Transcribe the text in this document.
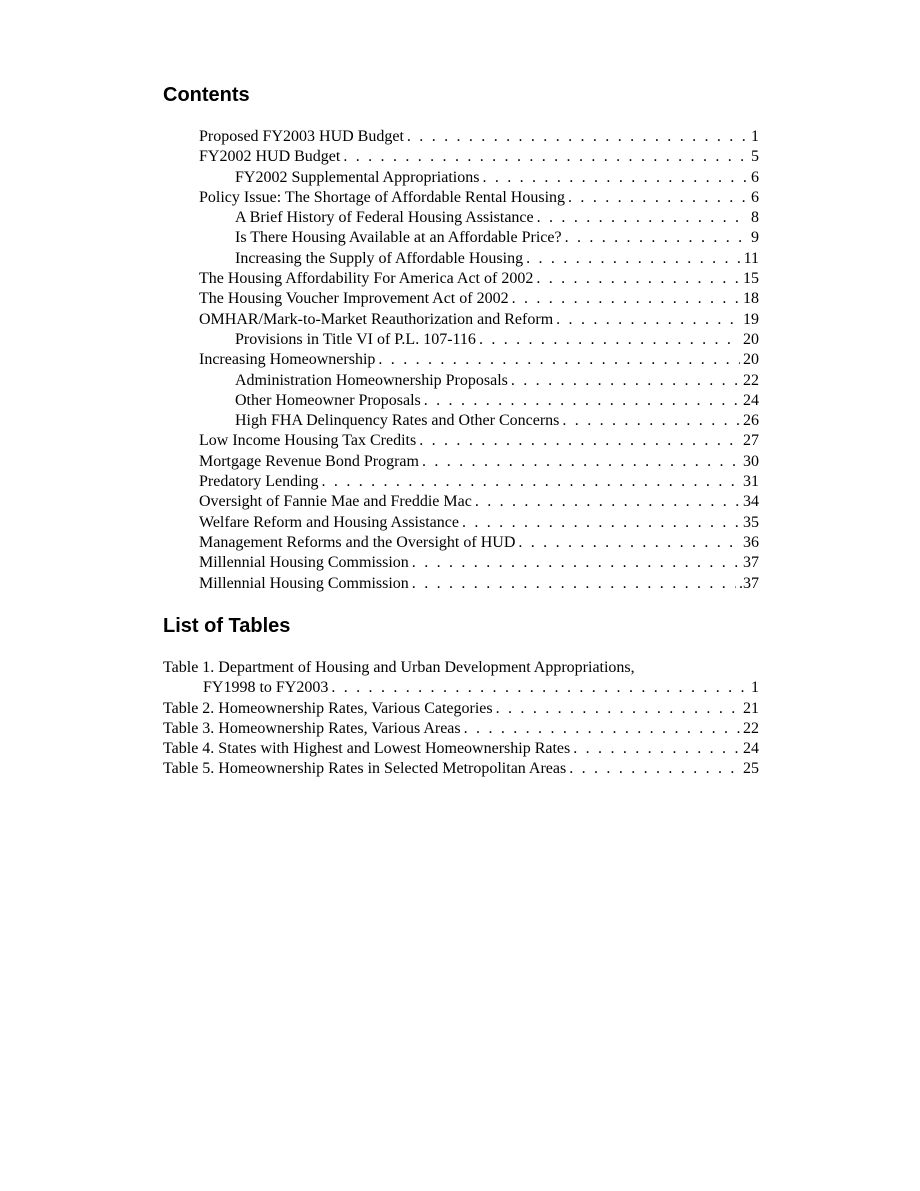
Contents
Proposed FY2003 HUD Budget . . .	1
FY2002 HUD Budget . . .	5
FY2002 Supplemental Appropriations . . .	6
Policy Issue: The Shortage of Affordable Rental Housing . . .	6
A Brief History of Federal Housing Assistance . . .	8
Is There Housing Available at an Affordable Price? . . .	9
Increasing the Supply of Affordable Housing . . .	11
The Housing Affordability For America Act of 2002 . . .	15
The Housing Voucher Improvement Act of 2002 . . .	18
OMHAR/Mark-to-Market Reauthorization and Reform . . .	19
Provisions in Title VI of P.L. 107-116 . . .	20
Increasing Homeownership . . .	20
Administration Homeownership Proposals . . .	22
Other Homeowner Proposals . . .	24
High FHA Delinquency Rates and Other Concerns . . .	26
Low Income Housing Tax Credits . . .	27
Mortgage Revenue Bond Program . . .	30
Predatory Lending . . .	31
Oversight of Fannie Mae and Freddie Mac . . .	34
Welfare Reform and Housing Assistance . . .	35
Management Reforms and the Oversight of HUD . . .	36
Millennial Housing Commission . . .	37
Millennial Housing Commission . . .	.37
List of Tables
Table 1. Department of Housing and Urban Development Appropriations,
FY1998 to FY2003 . . .	1
Table 2. Homeownership Rates, Various Categories . . .	21
Table 3. Homeownership Rates, Various Areas . . .	22
Table 4. States with Highest and Lowest Homeownership Rates . . .	24
Table 5. Homeownership Rates in Selected Metropolitan Areas . . .	25
